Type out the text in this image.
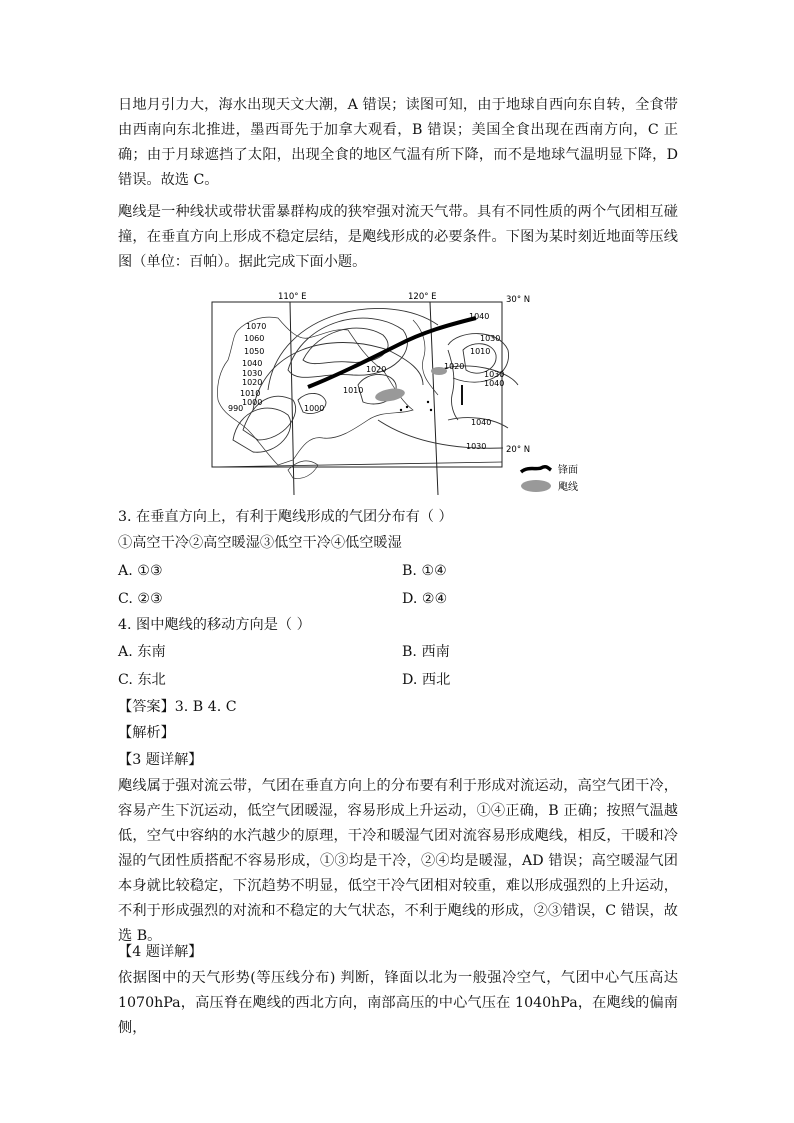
日地月引力大，海水出现天文大潮，A 错误；读图可知，由于地球自西向东自转，全食带由西南向东北推进，墨西哥先于加拿大观看，B 错误；美国全食出现在西南方向，C 正确；由于月球遮挡了太阳，出现全食的地区气温有所下降，而不是地球气温明显下降，D 错误。故选 C。
飑线是一种线状或带状雷暴群构成的狭窄强对流天气带。具有不同性质的两个气团相互碰撞，在垂直方向上形成不稳定层结，是飑线形成的必要条件。下图为某时刻近地面等压线图（单位：百帕）。据此完成下面小题。
110° E	120° E	30° N
20° N
1070
1060
1050
1040
1030
1020
1010
1000
990
1010
1000
1020
1040
1030
1010
1020
1030
1040
1040
1030
锋面
飑线
3. 在垂直方向上，有利于飑线形成的气团分布有（ ）
①高空干冷②高空暖湿③低空干冷④低空暖湿
A. ①③	B. ①④
C. ②③	D. ②④
4. 图中飑线的移动方向是（ ）
A. 东南	B. 西南
C. 东北	D. 西北
【答案】3. B 4. C
【解析】
【3 题详解】
飑线属于强对流云带，气团在垂直方向上的分布要有利于形成对流运动，高空气团干冷，容易产生下沉运动，低空气团暖湿，容易形成上升运动，①④正确，B 正确；按照气温越低，空气中容纳的水汽越少的原理，干冷和暖湿气团对流容易形成飑线，相反，干暖和冷湿的气团性质搭配不容易形成，①③均是干冷，②④均是暖湿，AD 错误；高空暖湿气团本身就比较稳定，下沉趋势不明显，低空干冷气团相对较重，难以形成强烈的上升运动，不利于形成强烈的对流和不稳定的大气状态，不利于飑线的形成，②③错误，C 错误，故选 B。
【4 题详解】
依据图中的天气形势(等压线分布) 判断，锋面以北为一般强冷空气，气团中心气压高达 1070hPa，高压脊在飑线的西北方向，南部高压的中心气压在 1040hPa，在飑线的偏南侧，
